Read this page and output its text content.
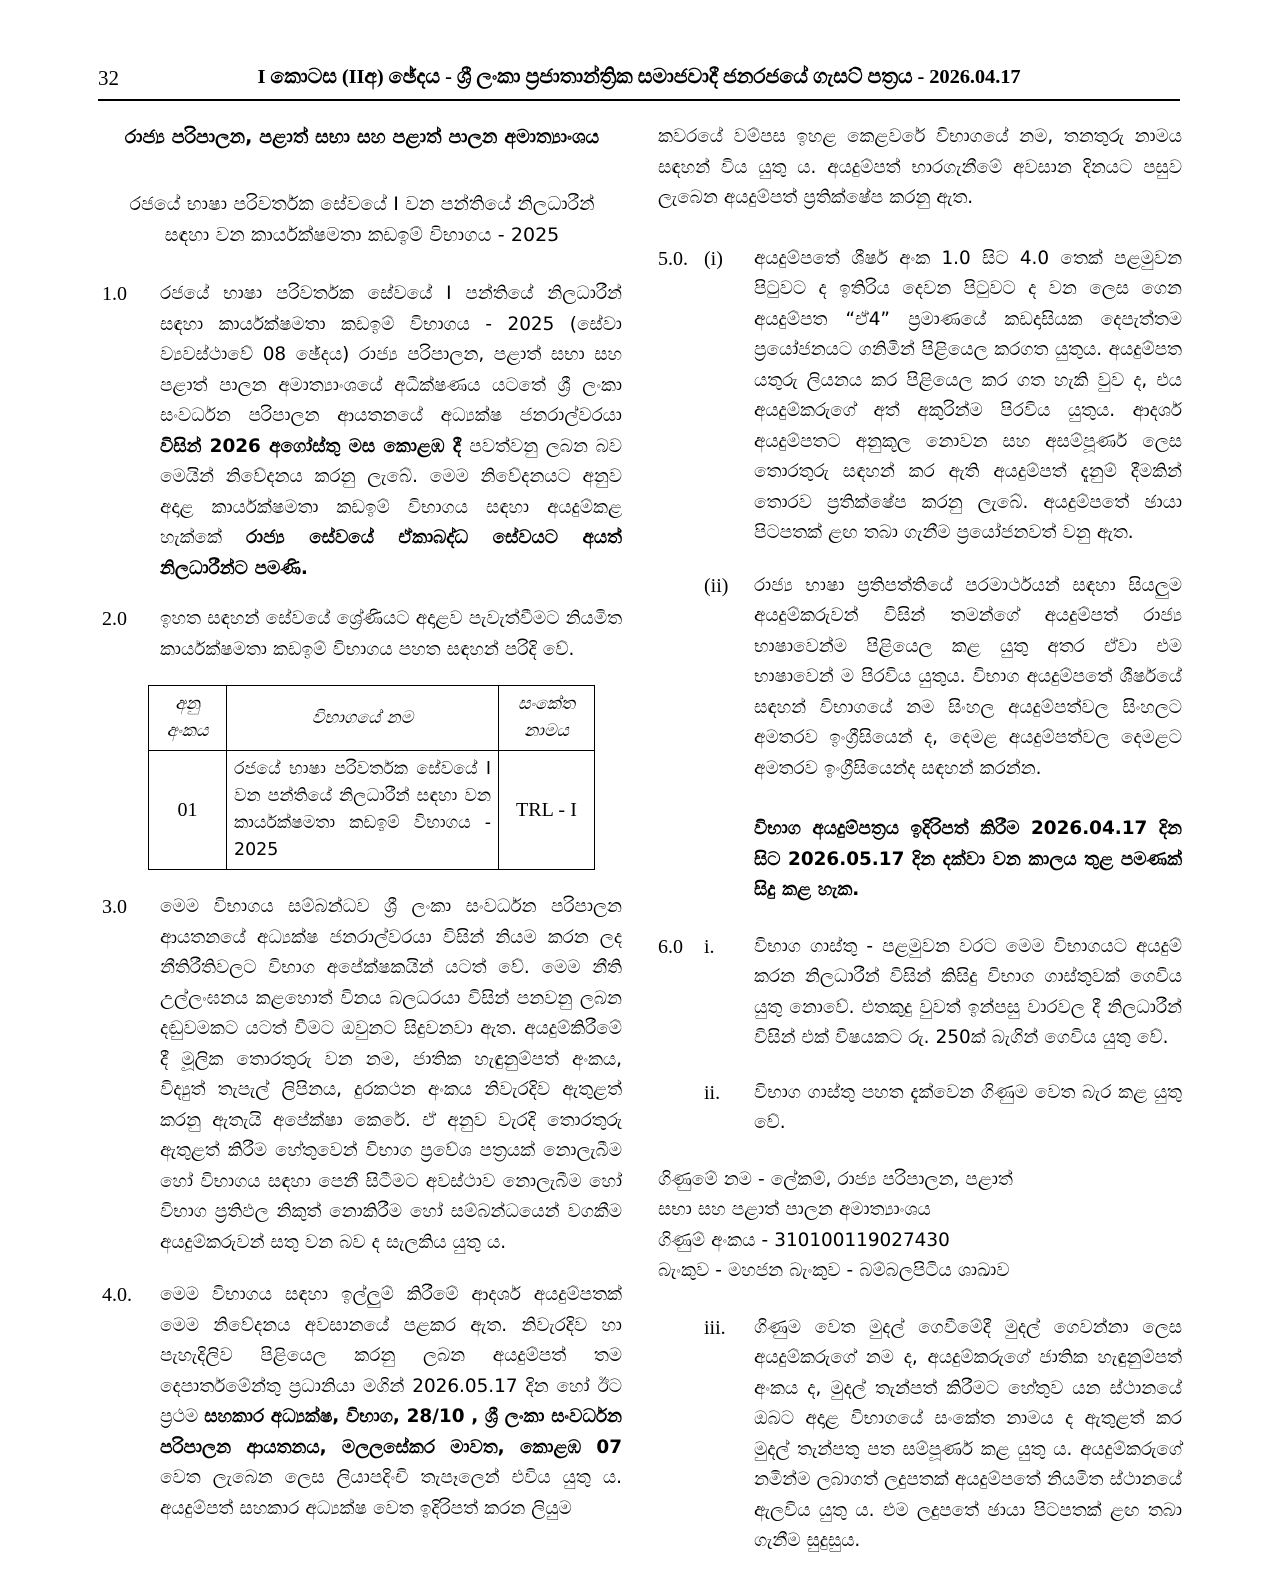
32	I කොටස (IIඅ) ඡේදය - ශ්‍රී ලංකා ප්‍රජාතාන්ත්‍රික සමාජවාදී ජනරජයේ ගැසට් පත්‍රය - 2026.04.17
රාජ්‍ය පරිපාලන, පළාත් සභා සහ පළාත් පාලන අමාත්‍යාංශය
රජයේ භාෂා පරිවර්තක සේවයේ I වන පන්තියේ නිලධාරීන් සඳහා වන කාර්යක්ෂමතා කඩඉම් විභාගය - 2025
1.0	රජයේ භාෂා පරිවර්තක සේවයේ I පන්තියේ නිලධාරීන් සඳහා කාර්යක්ෂමතා කඩඉම් විභාගය - 2025 (සේවා ව්‍යවස්ථාවේ 08 ඡේදය) රාජ්‍ය පරිපාලන, පළාත් සභා සහ පළාත් පාලන අමාත්‍යාංශයේ අධීක්ෂණය යටතේ ශ්‍රී ලංකා සංවර්ධන පරිපාලන ආයතනයේ අධ්‍යක්ෂ ජනරාල්වරයා විසින් 2026 අගෝස්තු මස කොළඹ දී පවත්වනු ලබන බව මෙයින් නිවේදනය කරනු ලැබේ. මෙම නිවේදනයට අනුව අදාළ කාර්යක්ෂමතා කඩඉම් විභාගය සඳහා අයදුම්කළ හැක්කේ රාජ්‍ය සේවයේ ඒකාබද්ධ සේවයට අයත් නිලධාරීන්ට පමණි.
2.0	ඉහත සඳහන් සේවයේ ශ්‍රේණියට අදාළව පැවැත්වීමට නියමිත කාර්යක්ෂමතා කඩඉම් විභාගය පහත සඳහන් පරිදි වේ.
අනු අංකය	විභාගයේ නම	සංකේත නාමය
01	රජයේ භාෂා පරිවර්තක සේවයේ I වන පන්තියේ නිලධාරීන් සඳහා වන කාර්යක්ෂමතා කඩඉම් විභාගය - 2025	TRL - I
3.0	මෙම විභාගය සම්බන්ධව ශ්‍රී ලංකා සංවර්ධන පරිපාලන ආයතනයේ අධ්‍යක්ෂ ජනරාල්වරයා විසින් නියම කරන ලද නීතිරීතිවලට විභාග අපේක්ෂකයින් යටත් වේ. මෙම නීති උල්ලංඝනය කළහොත් විනය බලධරයා විසින් පනවනු ලබන දඬුවමකට යටත් වීමට ඔවුනට සිදුවනවා ඇත. අයදුම්කිරීමේ දී මූලික තොරතුරු වන නම, ජාතික හැඳුනුම්පත් අංකය, විද්‍යුත් තැපැල් ලිපිනය, දුරකථන අංකය නිවැරදිව ඇතුළත් කරනු ඇතැයි අපේක්ෂා කෙරේ. ඒ අනුව වැරදි තොරතුරු ඇතුළත් කිරීම හේතුවෙන් විභාග ප්‍රවේශ පත්‍රයක් නොලැබීම හෝ විභාගය සඳහා පෙනී සිටීමට අවස්ථාව නොලැබීම හෝ විභාග ප්‍රතිඵල නිකුත් නොකිරීම හෝ සම්බන්ධයෙන් වගකීම අයදුම්කරුවන් සතු වන බව ද සැලකිය යුතු ය.
4.0.	මෙම විභාගය සඳහා ඉල්ලුම් කිරීමේ ආදර්ශ අයදුම්පතක් මෙම නිවේදනය අවසානයේ පළකර ඇත. නිවැරදිව හා පැහැදිලිව පිළියෙල කරනු ලබන අයදුම්පත් තම දෙපාර්තමේන්තු ප්‍රධානියා මගින් 2026.05.17 දින හෝ ඊට ප්‍රථම සහකාර අධ්‍යක්ෂ, විභාග, 28/10 , ශ්‍රී ලංකා සංවර්ධන පරිපාලන ආයතනය, මලලසේකර මාවත, කොළඹ 07 වෙත ලැබෙන ලෙස ලියාපදිංචි තැපෑලෙන් එවිය යුතු ය. අයදුම්පත් සහකාර අධ්‍යක්ෂ වෙත ඉදිරිපත් කරන ලියුම
කවරයේ වම්පස ඉහළ කෙළවරේ විභාගයේ නම, තනතුරු නාමය සඳහන් විය යුතු ය. අයදුම්පත් භාරගැනීමේ අවසාන දිනයට පසුව ලැබෙන අයදුම්පත් ප්‍රතික්ෂේප කරනු ඇත.
5.0. (i)	අයදුම්පතේ ශීර්ෂ අංක 1.0 සිට 4.0 තෙක් පළමුවන පිටුවට ද ඉතිරිය දෙවන පිටුවට ද වන ලෙස ගෙන අයදුම්පත “ඒ4” ප්‍රමාණයේ කඩදාසියක දෙපැත්තම ප්‍රයෝජනයට ගනිමින් පිළියෙල කරගත යුතුය. අයදුම්පත යතුරු ලියනය කර පිළියෙල කර ගත හැකි වුව ද, එය අයදුම්කරුගේ අත් අකුරින්ම පිරවිය යුතුය. ආදර්ශ අයදුම්පතට අනුකූල නොවන සහ අසම්පූර්ණ ලෙස තොරතුරු සඳහන් කර ඇති අයදුම්පත් දැනුම් දීමකින් තොරව ප්‍රතික්ෂේප කරනු ලැබේ. අයදුම්පතේ ඡායා පිටපතක් ළඟ තබා ගැනීම ප්‍රයෝජනවත් වනු ඇත.
(ii)	රාජ්‍ය භාෂා ප්‍රතිපත්තියේ පරමාර්ථයන් සඳහා සියලුම අයදුම්කරුවන් විසින් තමන්ගේ අයදුම්පත් රාජ්‍ය භාෂාවෙන්ම පිළියෙල කළ යුතු අතර ඒවා එම භාෂාවෙන් ම පිරවිය යුතුය. විභාග අයදුම්පතේ ශීර්ෂයේ සඳහන් විභාගයේ නම සිංහල අයදුම්පත්වල සිංහලට අමතරව ඉංග්‍රීසියෙන් ද, දෙමළ අයදුම්පත්වල දෙමළට අමතරව ඉංග්‍රීසියෙන්ද සඳහන් කරන්න.
විභාග අයදුම්පත්‍රය ඉදිරිපත් කිරීම 2026.04.17 දින සිට 2026.05.17 දින දක්වා වන කාලය තුළ පමණක් සිදු කළ හැක.
6.0	i.	විභාග ගාස්තු - පළමුවන වරට මෙම විභාගයට අයදුම් කරන නිලධාරීන් විසින් කිසිදු විභාග ගාස්තුවක් ගෙවිය යුතු නොවේ. එතකුදු වුවත් ඉන්පසු වාරවල දී නිලධාරීන් විසින් එක් විෂයකට රු. 250ක් බැගින් ගෙවිය යුතු වේ.
ii.	විභාග ගාස්තු පහත දැක්වෙන ගිණුම වෙත බැර කළ යුතු වේ.
ගිණුමේ නම - ලේකම්, රාජ්‍ය පරිපාලන, පළාත්
සභා සහ පළාත් පාලන අමාත්‍යාංශය
ගිණුම් අංකය - 310100119027430
බැංකුව - මහජන බැංකුව - බම්බලපිටිය ශාඛාව
iii.	ගිණුම වෙත මුදල් ගෙවීමේදී මුදල් ගෙවන්නා ලෙස අයදුම්කරුගේ නම ද, අයදුම්කරුගේ ජාතික හැඳුනුම්පත් අංකය ද, මුදල් තැන්පත් කිරීමට හේතුව යන ස්ථානයේ ඔබට අදාළ විභාගයේ සංකේත නාමය ද ඇතුළත් කර මුදල් තැන්පතු පත සම්පූර්ණ කළ යුතු ය. අයදුම්කරුගේ නමින්ම ලබාගත් ලදුපතක් අයදුම්පතේ නියමිත ස්ථානයේ ඇලවිය යුතු ය. එම ලදුපතේ ඡායා පිටපතක් ළඟ තබා ගැනීම සුදුසුය.
